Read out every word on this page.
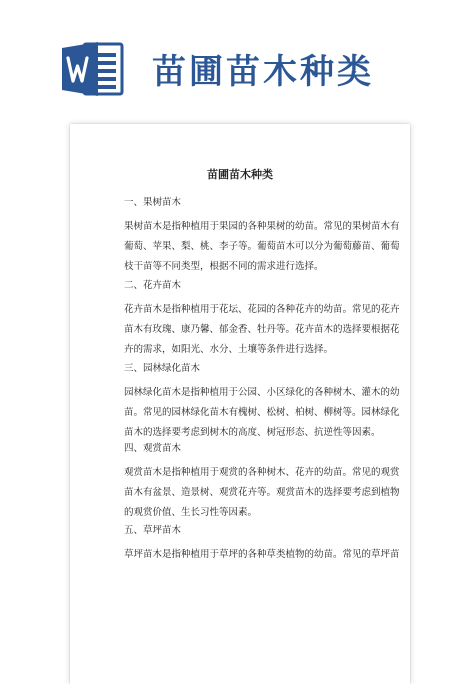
苗圃苗木种类
苗圃苗木种类

一、果树苗木

果树苗木是指种植用于果园的各种果树的幼苗。常见的果树苗木有
葡萄、苹果、梨、桃、李子等。葡萄苗木可以分为葡萄藤苗、葡萄
枝干苗等不同类型，根据不同的需求进行选择。

二、花卉苗木

花卉苗木是指种植用于花坛、花园的各种花卉的幼苗。常见的花卉
苗木有玫瑰、康乃馨、郁金香、牡丹等。花卉苗木的选择要根据花
卉的需求，如阳光、水分、土壤等条件进行选择。

三、园林绿化苗木

园林绿化苗木是指种植用于公园、小区绿化的各种树木、灌木的幼
苗。常见的园林绿化苗木有槐树、松树、柏树、柳树等。园林绿化
苗木的选择要考虑到树木的高度、树冠形态、抗逆性等因素。

四、观赏苗木

观赏苗木是指种植用于观赏的各种树木、花卉的幼苗。常见的观赏
苗木有盆景、造景树、观赏花卉等。观赏苗木的选择要考虑到植物
的观赏价值、生长习性等因素。

五、草坪苗木

草坪苗木是指种植用于草坪的各种草类植物的幼苗。常见的草坪苗
